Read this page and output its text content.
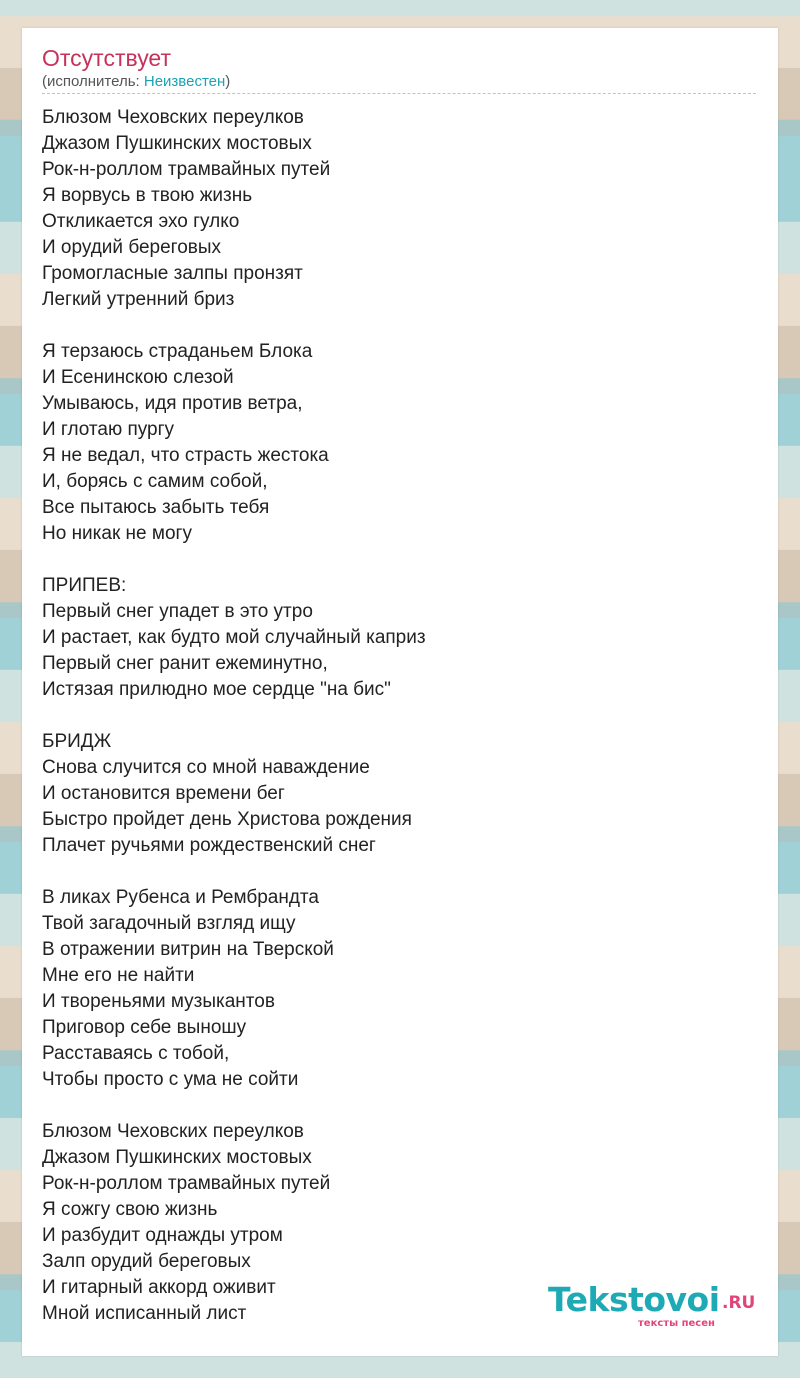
Отсутствует
(исполнитель: Неизвестен)
Блюзом Чеховских переулков
Джазом Пушкинских мостовых
Рок-н-роллом трамвайных путей
Я ворвусь в твою жизнь
Откликается эхо гулко
И орудий береговых
Громогласные залпы пронзят
Легкий утренний бриз
Я терзаюсь страданьем Блока
И Есенинскою слезой
Умываюсь, идя против ветра,
И глотаю пургу
Я не ведал, что страсть жестока
И, борясь с самим собой,
Все пытаюсь забыть тебя
Но никак не могу
ПРИПЕВ:
Первый снег упадет в это утро
И растает, как будто мой случайный каприз
Первый снег ранит ежеминутно,
Истязая прилюдно мое сердце "на бис"
БРИДЖ
Снова случится со мной наваждение
И остановится времени бег
Быстро пройдет день Христова рождения
Плачет ручьями рождественский снег
В ликах Рубенса и Рембрандта
Твой загадочный взгляд ищу
В отражении витрин на Тверской
Мне его не найти
И твореньями музыкантов
Приговор себе выношу
Расставаясь с тобой,
Чтобы просто с ума не сойти
Блюзом Чеховских переулков
Джазом Пушкинских мостовых
Рок-н-роллом трамвайных путей
Я сожгу свою жизнь
И разбудит однажды утром
Залп орудий береговых
И гитарный аккорд оживит
Мной исписанный лист	Tekstovoi .RU
тексты песен
